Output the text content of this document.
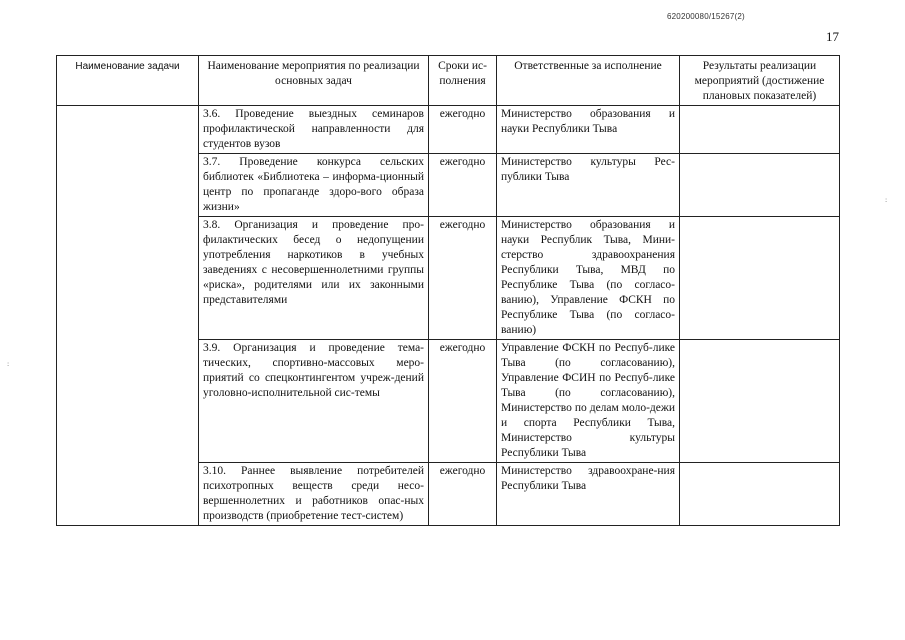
620200080/15267(2)
17
:
:
Наименование задачи	Наименование мероприятия по реализации основных задач	Сроки ис-полнения	Ответственные за исполнение	Результаты реализации мероприятий (достижение плановых показателей)
	3.6. Проведение выездных семинаров профилактической направленности для студентов вузов	ежегодно	Министерство образования и науки Республики Тыва	
	3.7. Проведение конкурса сельских библиотек «Библиотека – информа-ционный центр по пропаганде здоро-вого образа жизни»	ежегодно	Министерство культуры Рес-публики Тыва	
	3.8. Организация и проведение про-филактических бесед о недопущении употребления наркотиков в учебных заведениях с несовершеннолетними группы «риска», родителями или их законными представителями	ежегодно	Министерство образования и науки Республик Тыва, Мини-стерство здравоохранения Республики Тыва, МВД по Республике Тыва (по согласо-ванию), Управление ФСКН по Республике Тыва (по согласо-ванию)	
	3.9. Организация и проведение тема-тических, спортивно-массовых меро-приятий со спецконтингентом учреж-дений уголовно-исполнительной сис-темы	ежегодно	Управление ФСКН по Респуб-лике Тыва (по согласованию), Управление ФСИН по Респуб-лике Тыва (по согласованию), Министерство по делам моло-дежи и спорта Республики Тыва, Министерство культуры Республики Тыва	
	3.10. Раннее выявление потребителей психотропных веществ среди несо-вершеннолетних и работников опас-ных производств (приобретение тест-систем)	ежегодно	Министерство здравоохране-ния Республики Тыва	
